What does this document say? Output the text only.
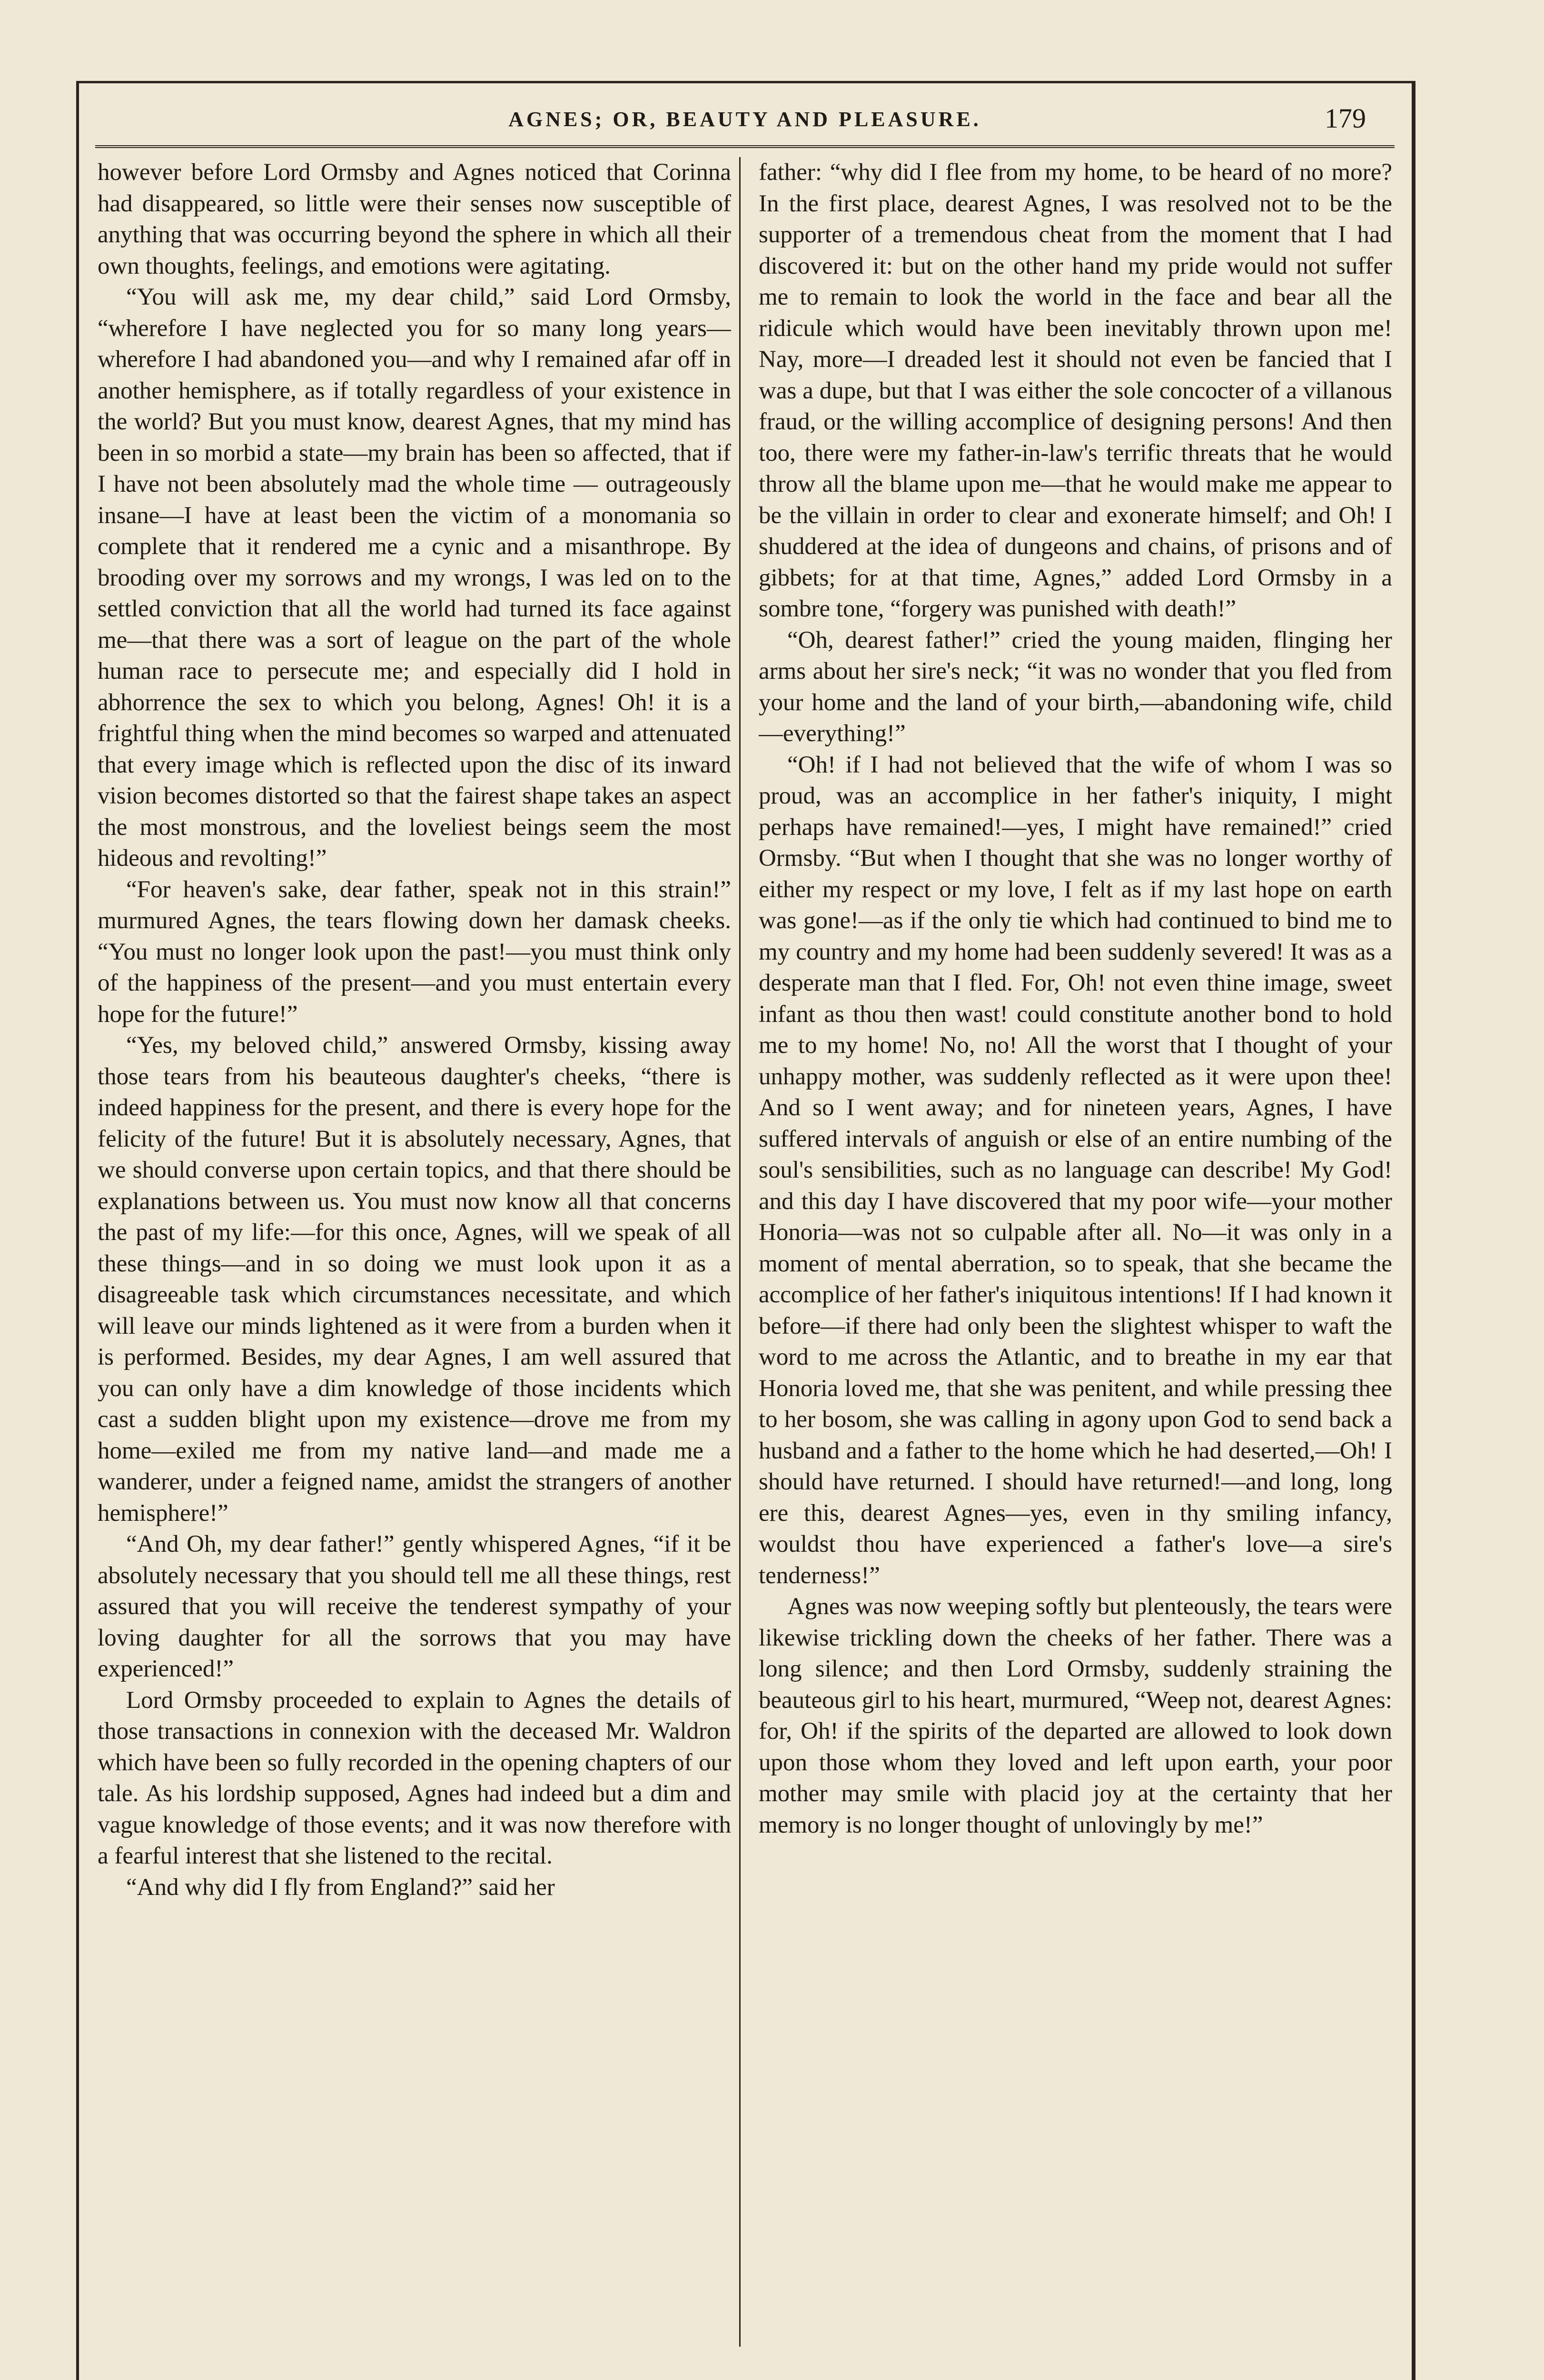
AGNES; OR, BEAUTY AND PLEASURE.	179

however before Lord Ormsby and Agnes noticed that Corinna had disappeared, so little were their senses now susceptible of anything that was occurring beyond the sphere in which all their own thoughts, feelings, and emotions were agitating.

“You will ask me, my dear child,” said Lord Ormsby, “wherefore I have neglected you for so many long years—wherefore I had abandoned you—and why I remained afar off in another hemisphere, as if totally regardless of your existence in the world? But you must know, dearest Agnes, that my mind has been in so morbid a state—my brain has been so affected, that if I have not been absolutely mad the whole time — outrageously insane—I have at least been the victim of a monomania so complete that it rendered me a cynic and a misanthrope. By brooding over my sorrows and my wrongs, I was led on to the settled conviction that all the world had turned its face against me—that there was a sort of league on the part of the whole human race to persecute me; and especially did I hold in abhorrence the sex to which you belong, Agnes! Oh! it is a frightful thing when the mind becomes so warped and attenuated that every image which is reflected upon the disc of its inward vision becomes distorted so that the fairest shape takes an aspect the most monstrous, and the loveliest beings seem the most hideous and revolting!”

“For heaven's sake, dear father, speak not in this strain!” murmured Agnes, the tears flowing down her damask cheeks. “You must no longer look upon the past!—you must think only of the happiness of the present—and you must entertain every hope for the future!”

“Yes, my beloved child,” answered Ormsby, kissing away those tears from his beauteous daughter's cheeks, “there is indeed happiness for the present, and there is every hope for the felicity of the future! But it is absolutely necessary, Agnes, that we should converse upon certain topics, and that there should be explanations between us. You must now know all that concerns the past of my life:—for this once, Agnes, will we speak of all these things—and in so doing we must look upon it as a disagreeable task which circumstances necessitate, and which will leave our minds lightened as it were from a burden when it is performed. Besides, my dear Agnes, I am well assured that you can only have a dim knowledge of those incidents which cast a sudden blight upon my existence—drove me from my home—exiled me from my native land—and made me a wanderer, under a feigned name, amidst the strangers of another hemisphere!”

“And Oh, my dear father!” gently whispered Agnes, “if it be absolutely necessary that you should tell me all these things, rest assured that you will receive the tenderest sympathy of your loving daughter for all the sorrows that you may have experienced!”

Lord Ormsby proceeded to explain to Agnes the details of those transactions in connexion with the deceased Mr. Waldron which have been so fully recorded in the opening chapters of our tale. As his lordship supposed, Agnes had indeed but a dim and vague knowledge of those events; and it was now therefore with a fearful interest that she listened to the recital.

“And why did I fly from England?” said her

father: “why did I flee from my home, to be heard of no more? In the first place, dearest Agnes, I was resolved not to be the supporter of a tremendous cheat from the moment that I had discovered it: but on the other hand my pride would not suffer me to remain to look the world in the face and bear all the ridicule which would have been inevitably thrown upon me! Nay, more—I dreaded lest it should not even be fancied that I was a dupe, but that I was either the sole concocter of a villanous fraud, or the willing accomplice of designing persons! And then too, there were my father-in-law's terrific threats that he would throw all the blame upon me—that he would make me appear to be the villain in order to clear and exonerate himself; and Oh! I shuddered at the idea of dungeons and chains, of prisons and of gibbets; for at that time, Agnes,” added Lord Ormsby in a sombre tone, “forgery was punished with death!”

“Oh, dearest father!” cried the young maiden, flinging her arms about her sire's neck; “it was no wonder that you fled from your home and the land of your birth,—abandoning wife, child—everything!”

“Oh! if I had not believed that the wife of whom I was so proud, was an accomplice in her father's iniquity, I might perhaps have remained!—yes, I might have remained!” cried Ormsby. “But when I thought that she was no longer worthy of either my respect or my love, I felt as if my last hope on earth was gone!—as if the only tie which had continued to bind me to my country and my home had been suddenly severed! It was as a desperate man that I fled. For, Oh! not even thine image, sweet infant as thou then wast! could constitute another bond to hold me to my home! No, no! All the worst that I thought of your unhappy mother, was suddenly reflected as it were upon thee! And so I went away; and for nineteen years, Agnes, I have suffered intervals of anguish or else of an entire numbing of the soul's sensibilities, such as no language can describe! My God! and this day I have discovered that my poor wife—your mother Honoria—was not so culpable after all. No—it was only in a moment of mental aberration, so to speak, that she became the accomplice of her father's iniquitous intentions! If I had known it before—if there had only been the slightest whisper to waft the word to me across the Atlantic, and to breathe in my ear that Honoria loved me, that she was penitent, and while pressing thee to her bosom, she was calling in agony upon God to send back a husband and a father to the home which he had deserted,—Oh! I should have returned. I should have returned!—and long, long ere this, dearest Agnes—yes, even in thy smiling infancy, wouldst thou have experienced a father's love—a sire's tenderness!”

Agnes was now weeping softly but plenteously, the tears were likewise trickling down the cheeks of her father. There was a long silence; and then Lord Ormsby, suddenly straining the beauteous girl to his heart, murmured, “Weep not, dearest Agnes: for, Oh! if the spirits of the departed are allowed to look down upon those whom they loved and left upon earth, your poor mother may smile with placid joy at the certainty that her memory is no longer thought of unlovingly by me!”
